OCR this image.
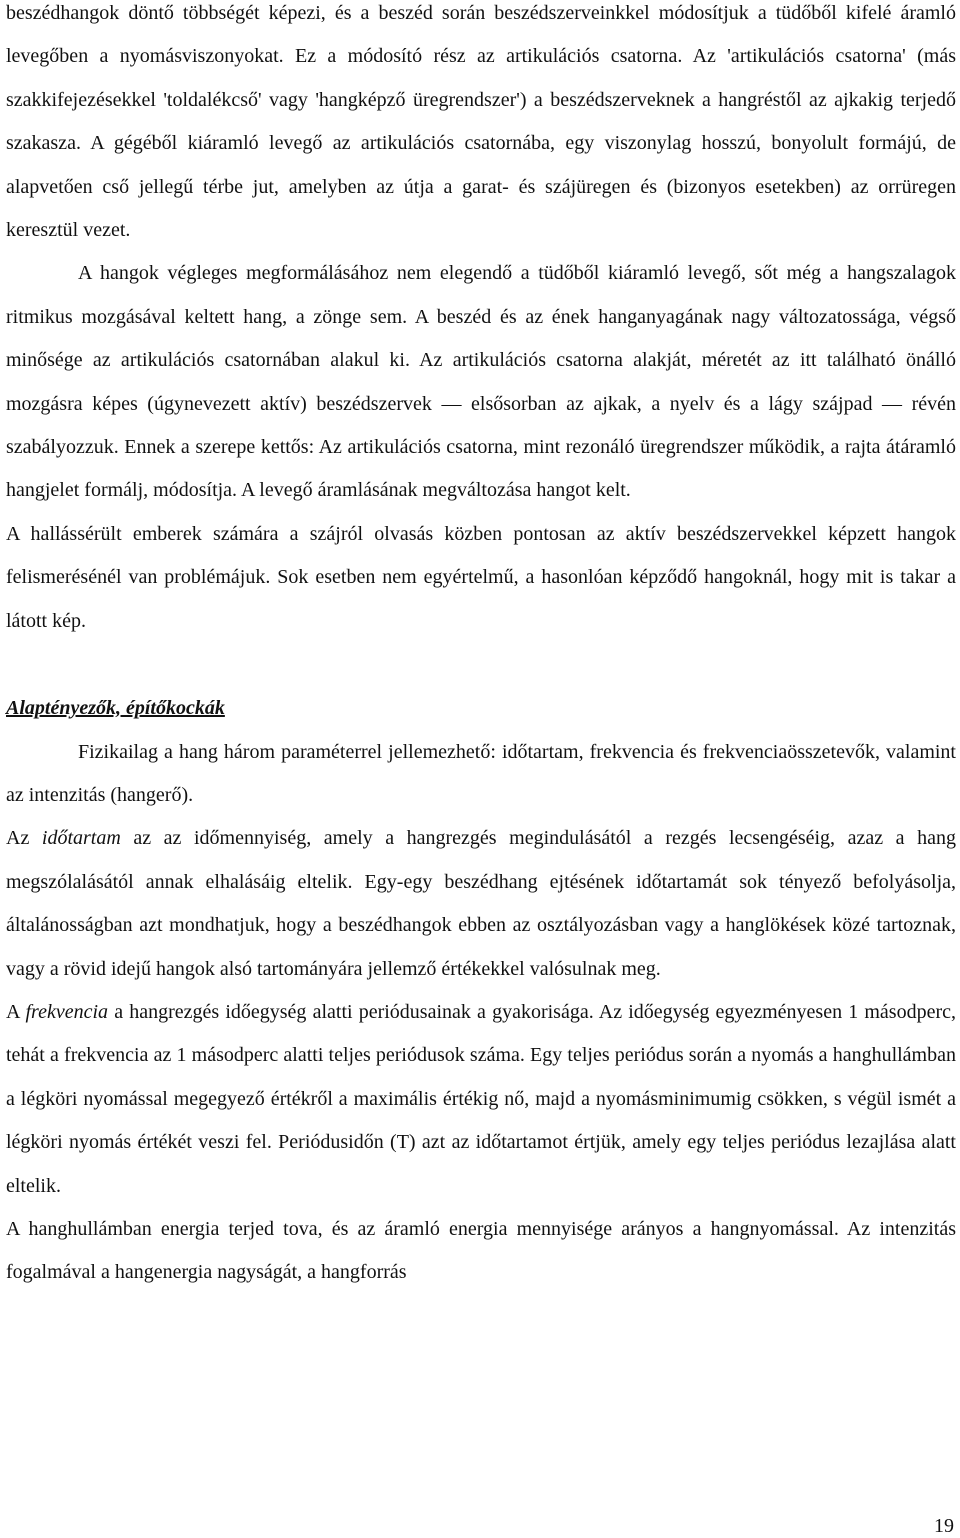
beszédhangok döntő többségét képezi, és a beszéd során beszédszerveinkkel módosítjuk a tüdőből kifelé áramló levegőben a nyomásviszonyokat. Ez a módosító rész az artikulációs csatorna. Az 'artikulációs csatorna' (más szakkifejezésekkel 'toldalékcső' vagy 'hangképző üregrendszer') a beszédszerveknek a hangréstől az ajkakig terjedő szakasza. A gégéből kiáramló levegő az artikulációs csatornába, egy viszonylag hosszú, bonyolult formájú, de alapvetően cső jellegű térbe jut, amelyben az útja a garat- és szájüregen és (bizonyos esetekben) az orrüregen keresztül vezet.

A hangok végleges megformálásához nem elegendő a tüdőből kiáramló levegő, sőt még a hangszalagok ritmikus mozgásával keltett hang, a zönge sem. A beszéd és az ének hanganyagának nagy változatossága, végső minősége az artikulációs csatornában alakul ki. Az artikulációs csatorna alakját, méretét az itt található önálló mozgásra képes (úgynevezett aktív) beszédszervek ― elsősorban az ajkak, a nyelv és a lágy szájpad ― révén szabályozzuk. Ennek a szerepe kettős: Az artikulációs csatorna, mint rezonáló üregrendszer működik, a rajta átáramló hangjelet formálj, módosítja. A levegő áramlásának megváltozása hangot kelt.

A hallássérült emberek számára a szájról olvasás közben pontosan az aktív beszédszervekkel képzett hangok felismerésénél van problémájuk. Sok esetben nem egyértelmű, a hasonlóan képződő hangoknál, hogy mit is takar a látott kép.

Alaptényezők, építőkockák

Fizikailag a hang három paraméterrel jellemezhető: időtartam, frekvencia és frekvenciaösszetevők, valamint az intenzitás (hangerő).

Az időtartam az az időmennyiség, amely a hangrezgés megindulásától a rezgés lecsengéséig, azaz a hang megszólalásától annak elhalásáig eltelik. Egy-egy beszédhang ejtésének időtartamát sok tényező befolyásolja, általánosságban azt mondhatjuk, hogy a beszédhangok ebben az osztályozásban vagy a hanglökések közé tartoznak, vagy a rövid idejű hangok alsó tartományára jellemző értékekkel valósulnak meg.

A frekvencia a hangrezgés időegység alatti periódusainak a gyakorisága. Az időegység egyezményesen 1 másodperc, tehát a frekvencia az 1 másodperc alatti teljes periódusok száma. Egy teljes periódus során a nyomás a hanghullámban a légköri nyomással megegyező értékről a maximális értékig nő, majd a nyomásminimumig csökken, s végül ismét a légköri nyomás értékét veszi fel. Periódusidőn (T) azt az időtartamot értjük, amely egy teljes periódus lezajlása alatt eltelik.

A hanghullámban energia terjed tova, és az áramló energia mennyisége arányos a hangnyomással. Az intenzitás fogalmával a hangenergia nagyságát, a hangforrás

19
